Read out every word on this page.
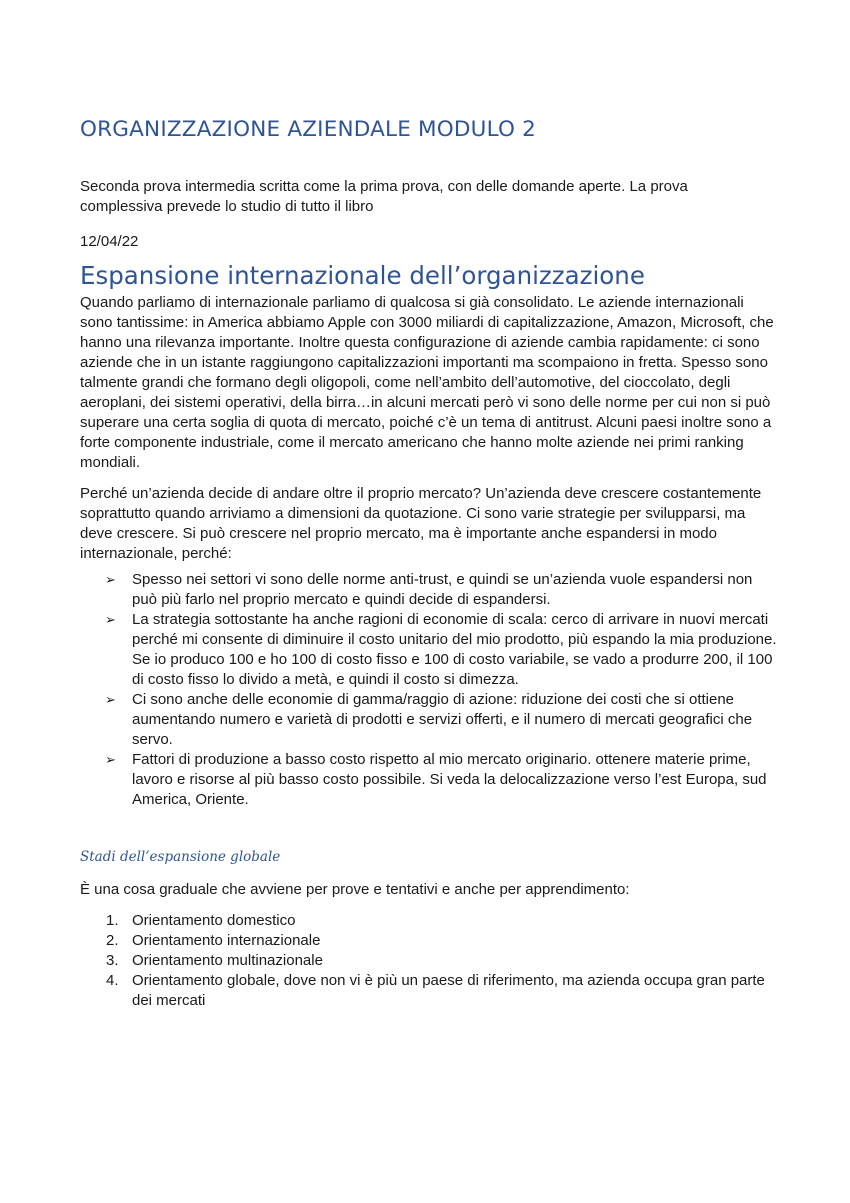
ORGANIZZAZIONE AZIENDALE MODULO 2

Seconda prova intermedia scritta come la prima prova, con delle domande aperte. La prova complessiva prevede lo studio di tutto il libro

12/04/22

Espansione internazionale dell’organizzazione

Quando parliamo di internazionale parliamo di qualcosa si già consolidato. Le aziende internazionali sono tantissime: in America abbiamo Apple con 3000 miliardi di capitalizzazione, Amazon, Microsoft, che hanno una rilevanza importante. Inoltre questa configurazione di aziende cambia rapidamente: ci sono aziende che in un istante raggiungono capitalizzazioni importanti ma scompaiono in fretta. Spesso sono talmente grandi che formano degli oligopoli, come nell’ambito dell’automotive, del cioccolato, degli aeroplani, dei sistemi operativi, della birra…in alcuni mercati però vi sono delle norme per cui non si può superare una certa soglia di quota di mercato, poiché c’è un tema di antitrust. Alcuni paesi inoltre sono a forte componente industriale, come il mercato americano che hanno molte aziende nei primi ranking mondiali.

Perché un’azienda decide di andare oltre il proprio mercato? Un’azienda deve crescere costantemente soprattutto quando arriviamo a dimensioni da quotazione. Ci sono varie strategie per svilupparsi, ma deve crescere. Si può crescere nel proprio mercato, ma è importante anche espandersi in modo internazionale, perché:

➢ Spesso nei settori vi sono delle norme anti-trust, e quindi se un’azienda vuole espandersi non può più farlo nel proprio mercato e quindi decide di espandersi.
➢ La strategia sottostante ha anche ragioni di economie di scala: cerco di arrivare in nuovi mercati perché mi consente di diminuire il costo unitario del mio prodotto, più espando la mia produzione. Se io produco 100 e ho 100 di costo fisso e 100 di costo variabile, se vado a produrre 200, il 100 di costo fisso lo divido a metà, e quindi il costo si dimezza.
➢ Ci sono anche delle economie di gamma/raggio di azione: riduzione dei costi che si ottiene aumentando numero e varietà di prodotti e servizi offerti, e il numero di mercati geografici che servo.
➢ Fattori di produzione a basso costo rispetto al mio mercato originario. ottenere materie prime, lavoro e risorse al più basso costo possibile. Si veda la delocalizzazione verso l’est Europa, sud America, Oriente.
Stadi dell’espansione globale

È una cosa graduale che avviene per prove e tentativi e anche per apprendimento:

1. Orientamento domestico
2. Orientamento internazionale
3. Orientamento multinazionale
4. Orientamento globale, dove non vi è più un paese di riferimento, ma azienda occupa gran parte dei mercati
